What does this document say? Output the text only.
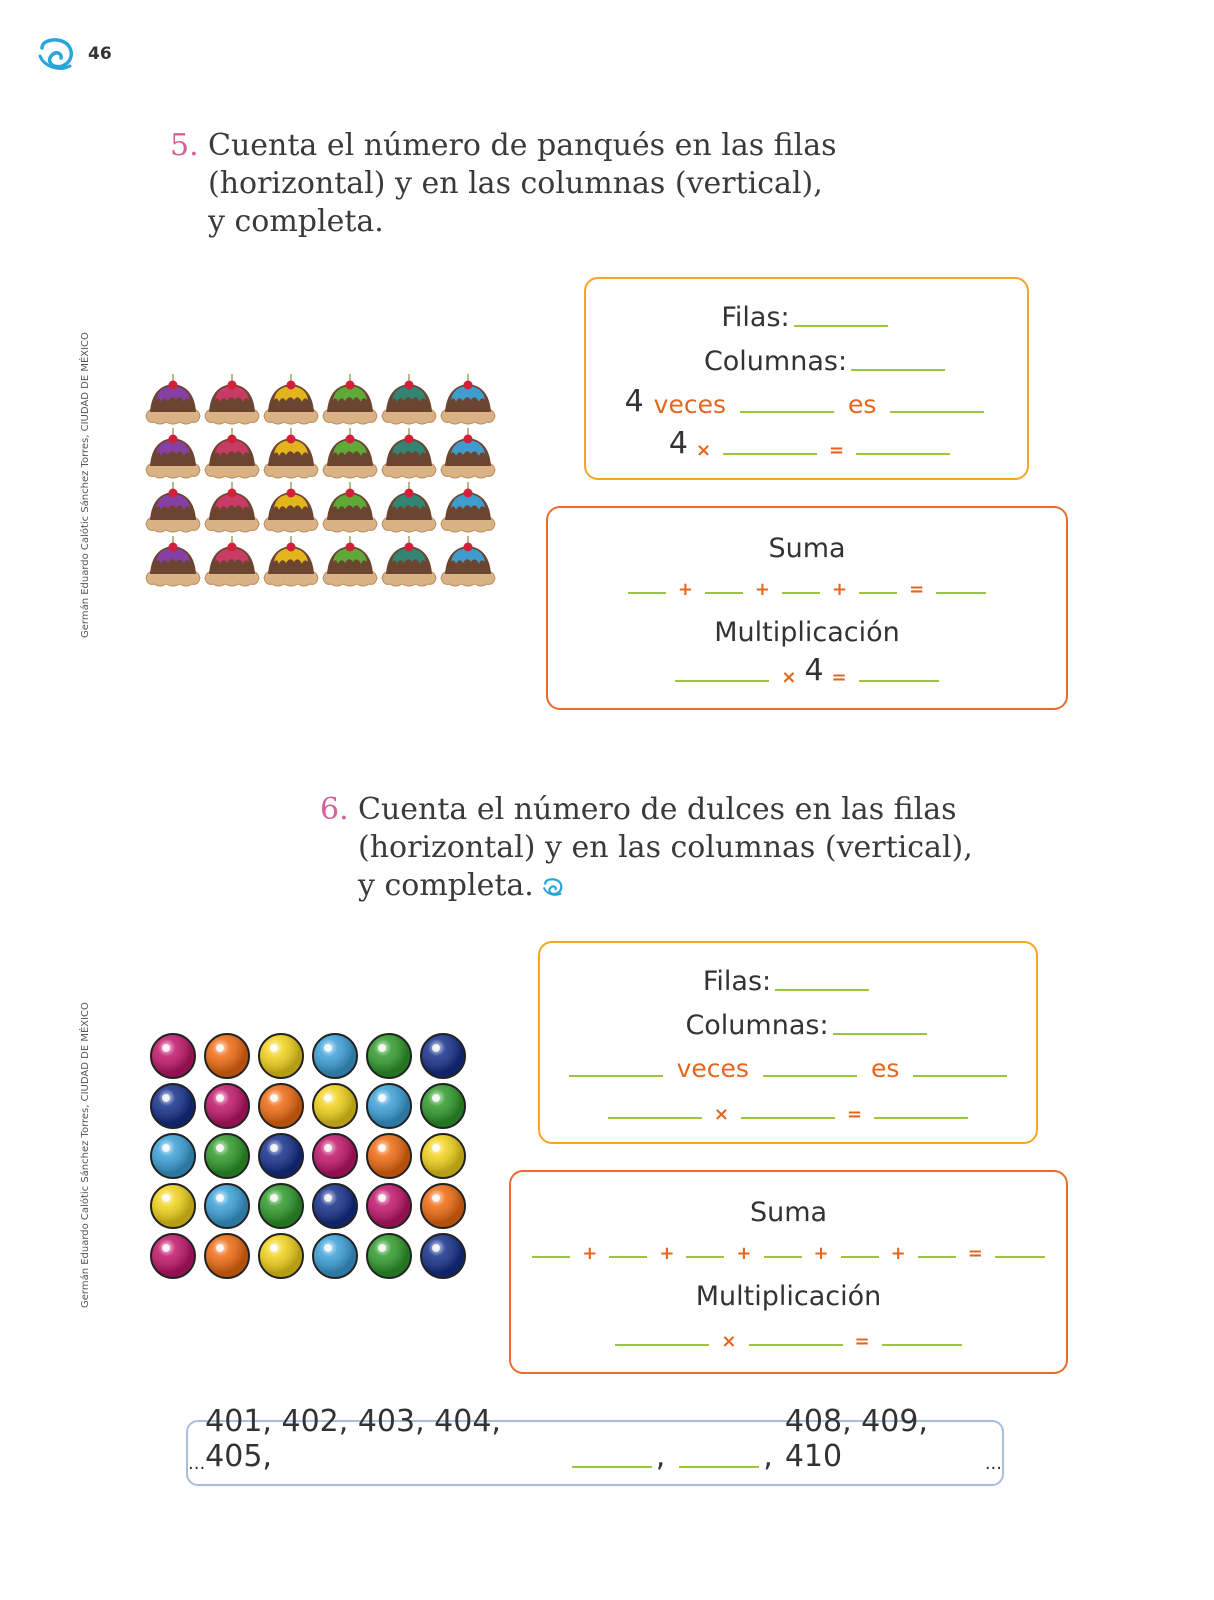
46
5. Cuenta el número de panqués en las filas
(horizontal) y en las columnas (vertical),
y completa.
Germán Eduardo Calótic Sánchez Torres, CIUDAD DE MÉXICO
Filas:
Columnas:
4 veces	es
4 ×	=
Suma
+	+	+	=
Multiplicación
× 4 =
6. Cuenta el número de dulces en las filas
(horizontal) y en las columnas (vertical),
y completa.
Germán Eduardo Calótic Sánchez Torres, CIUDAD DE MÉXICO
Filas:
Columnas:
veces	es
×	=
Suma
+	+	+	+	+	=
Multiplicación
×	=
...
401, 402, 403, 404, 405,	,	,
408, 409, 410	...
